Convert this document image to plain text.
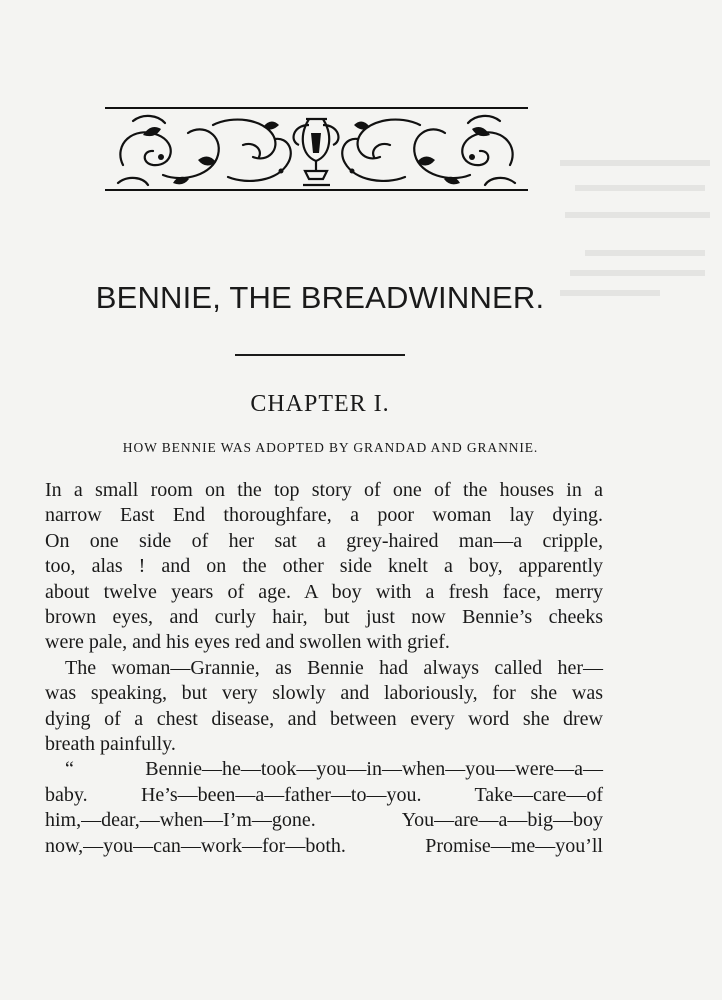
BENNIE, THE BREADWINNER.
CHAPTER I.
HOW BENNIE WAS ADOPTED BY GRANDAD AND GRANNIE.
In a small room on the top story of one of the houses in a
narrow East End thoroughfare, a poor woman lay dying.
On one side of her sat a grey-haired man—a cripple,
too, alas ! and on the other side knelt a boy, apparently
about twelve years of age. A boy with a fresh face, merry
brown eyes, and curly hair, but just now Bennie’s cheeks
were pale, and his eyes red and swollen with grief.
The woman—Grannie, as Bennie had always called her—
was speaking, but very slowly and laboriously, for she was
dying of a chest disease, and between every word she drew
breath painfully.
“ Bennie—he—took—you—in—when—you—were—a—
baby. He’s—been—a—father—to—you. Take—care—of
him,—dear,—when—I’m—gone. You—are—a—big—boy
now,—you—can—work—for—both. Promise—me—you’ll
